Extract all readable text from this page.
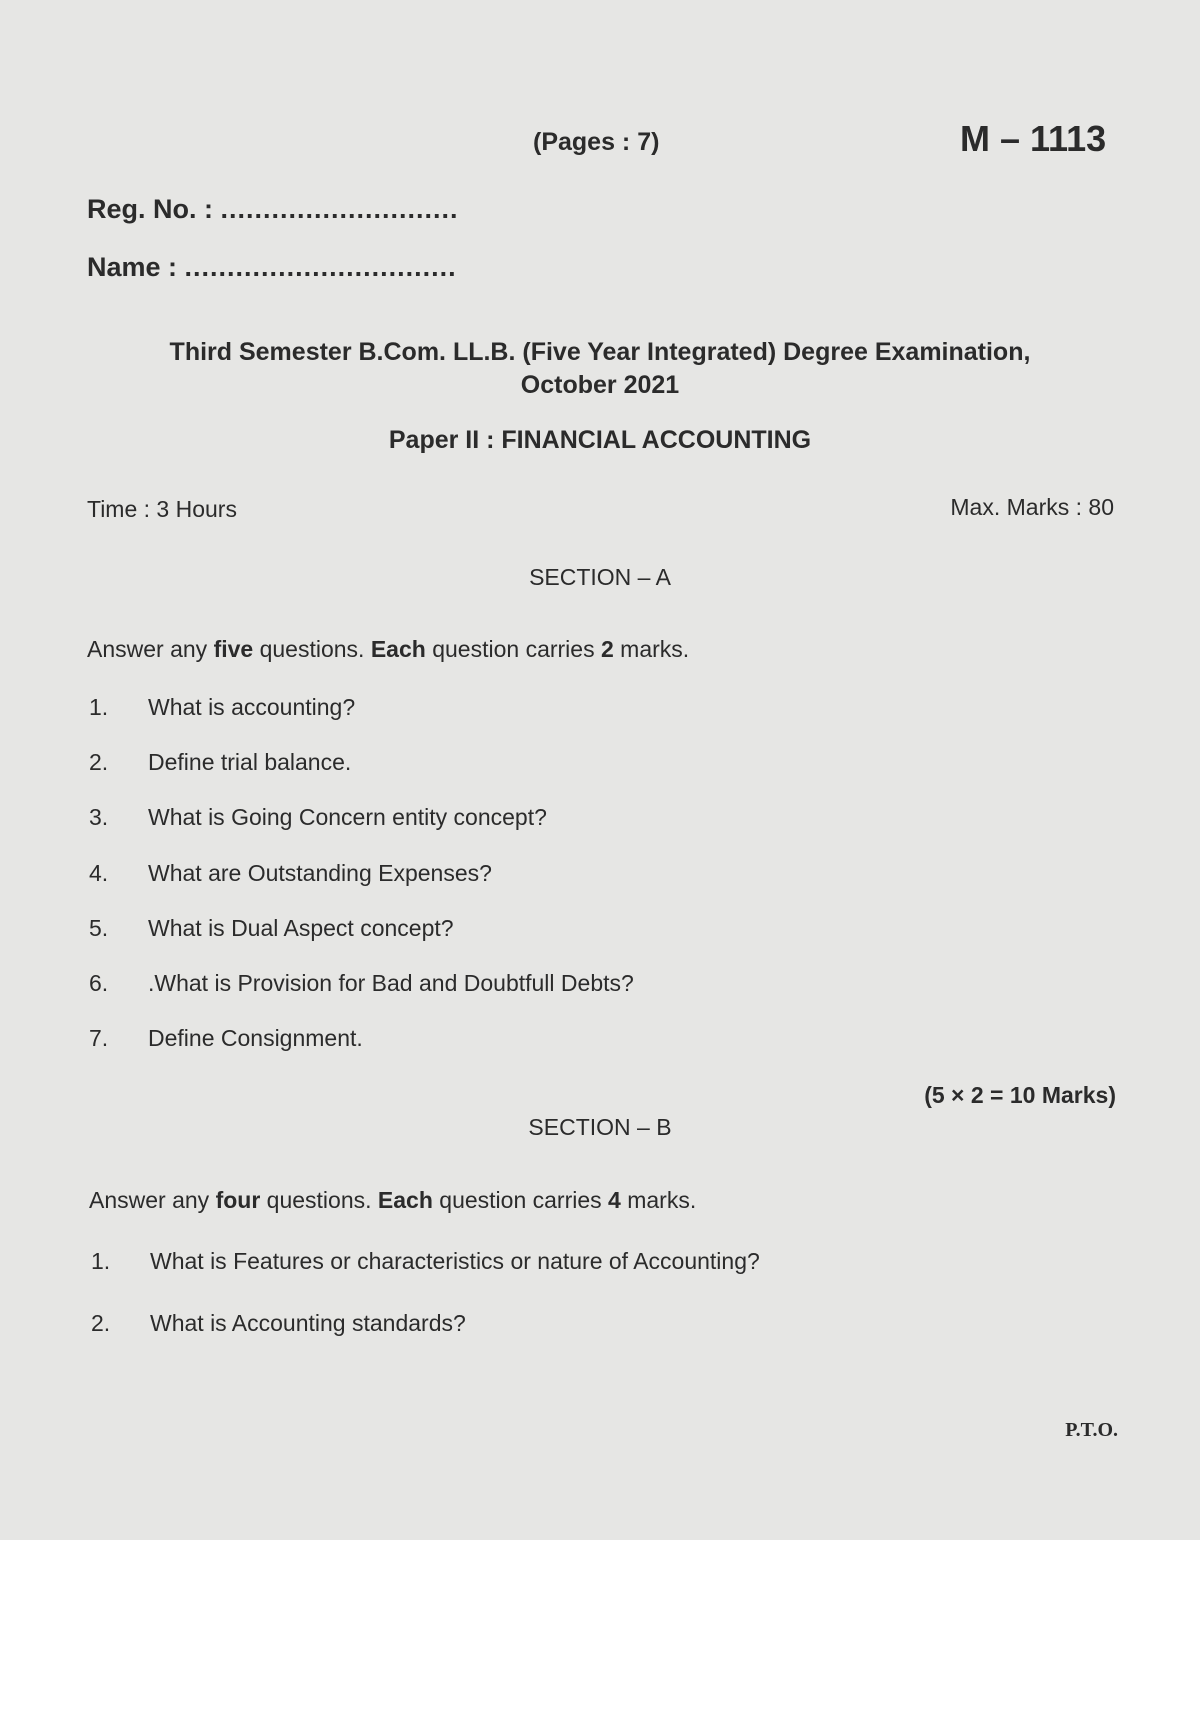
(Pages : 7)	M – 1113
Reg. No. : ............................
Name : ................................
Third Semester B.Com. LL.B. (Five Year Integrated) Degree Examination,
October 2021
Paper II : FINANCIAL ACCOUNTING
Time : 3 Hours	Max. Marks : 80
SECTION – A
Answer any five questions. Each question carries 2 marks.
1. What is accounting?
2. Define trial balance.
3. What is Going Concern entity concept?
4. What are Outstanding Expenses?
5. What is Dual Aspect concept?
6. .What is Provision for Bad and Doubtfull Debts?
7. Define Consignment.
(5 × 2 = 10 Marks)
SECTION – B
Answer any four questions. Each question carries 4 marks.
1. What is Features or characteristics or nature of Accounting?
2. What is Accounting standards?
P.T.O.
